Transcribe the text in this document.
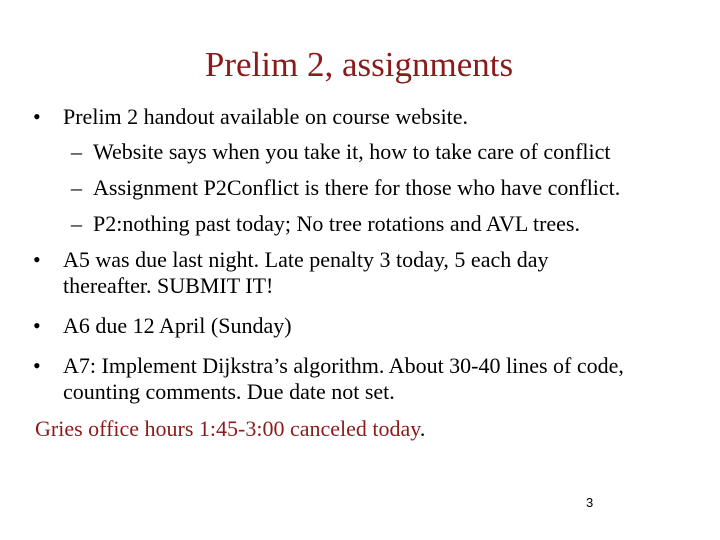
Prelim 2, assignments
• Prelim 2 handout available on course website.
– Website says when you take it, how to take care of conflict
– Assignment P2Conflict is there for those who have conflict.
– P2:nothing past today; No tree rotations and AVL trees.
• A5 was due last night. Late penalty 3 today, 5 each day
thereafter. SUBMIT IT!
• A6 due 12 April (Sunday)
• A7: Implement Dijkstra’s algorithm. About 30-40 lines of code,
counting comments. Due date not set.
Gries office hours 1:45-3:00 canceled today.
3
